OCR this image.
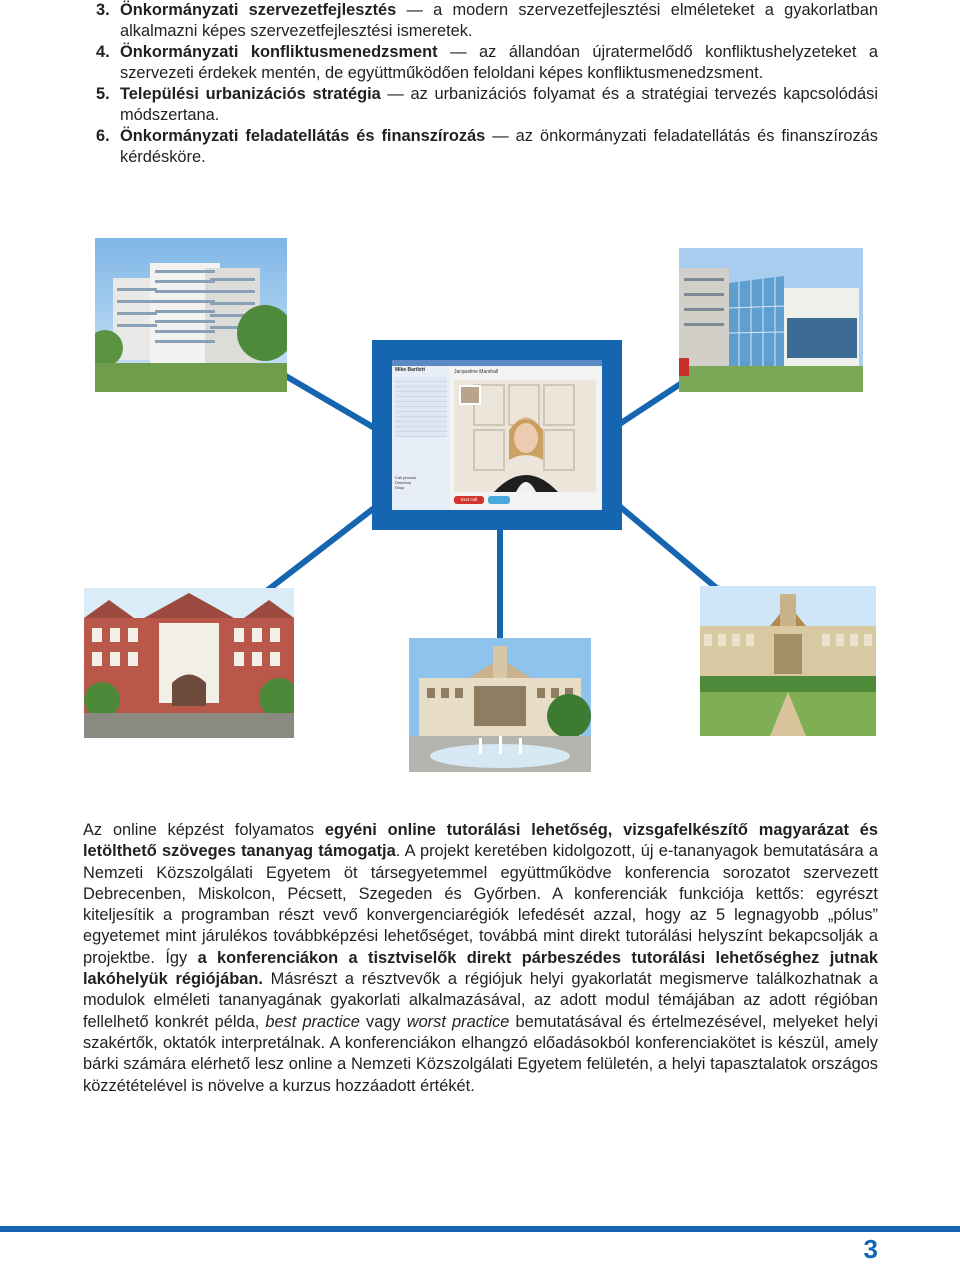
3. Önkormányzati szervezetfejlesztés — a modern szervezetfejlesztési elméleteket a gyakorlatban alkalmazni képes szervezetfejlesztési ismeretek.
4. Önkormányzati konfliktusmenedzsment — az állandóan újratermelődő konfliktushelyzeteket a szervezeti érdekek mentén, de együttműködően feloldani képes konfliktusmenedzsment.
5. Települési urbanizációs stratégia — az urbanizációs folyamat és a stratégiai tervezés kapcsolódási módszertana.
6. Önkormányzati feladatellátás és finanszírozás — az önkormányzati feladatellátás és finanszírozás kérdésköre.
Mike Bartlett
Call phones
Directory
Shop
Jacqueline Marshall
End call
Az online képzést folyamatos egyéni online tutorálási lehetőség, vizsgafelkészítő magyarázat és letölthető szöveges tananyag támogatja. A projekt keretében kidolgozott, új e-tananyagok bemutatására a Nemzeti Közszolgálati Egyetem öt társegyetemmel együttműködve konferencia sorozatot szervezett Debrecenben, Miskolcon, Pécsett, Szegeden és Győrben. A konferenciák funkciója kettős: egyrészt kiteljesítik a programban részt vevő konvergenciarégiók lefedését azzal, hogy az 5 legnagyobb „pólus” egyetemet mint járulékos továbbképzési lehetőséget, továbbá mint direkt tutorálási helyszínt bekapcsolják a projektbe. Így a konferenciákon a tisztviselők direkt párbeszédes tutorálási lehetőséghez jutnak lakóhelyük régiójában. Másrészt a résztvevők a régiójuk helyi gyakorlatát megismerve találkozhatnak a modulok elméleti tananyagának gyakorlati alkalmazásával, az adott modul témájában az adott régióban fellelhető konkrét példa, best practice vagy worst practice bemutatásával és értelmezésével, melyeket helyi szakértők, oktatók interpretálnak. A konferenciákon elhangzó előadásokból konferenciakötet is készül, amely bárki számára elérhető lesz online a Nemzeti Közszolgálati Egyetem felületén, a helyi tapasztalatok országos közzétételével is növelve a kurzus hozzáadott értékét.
3
